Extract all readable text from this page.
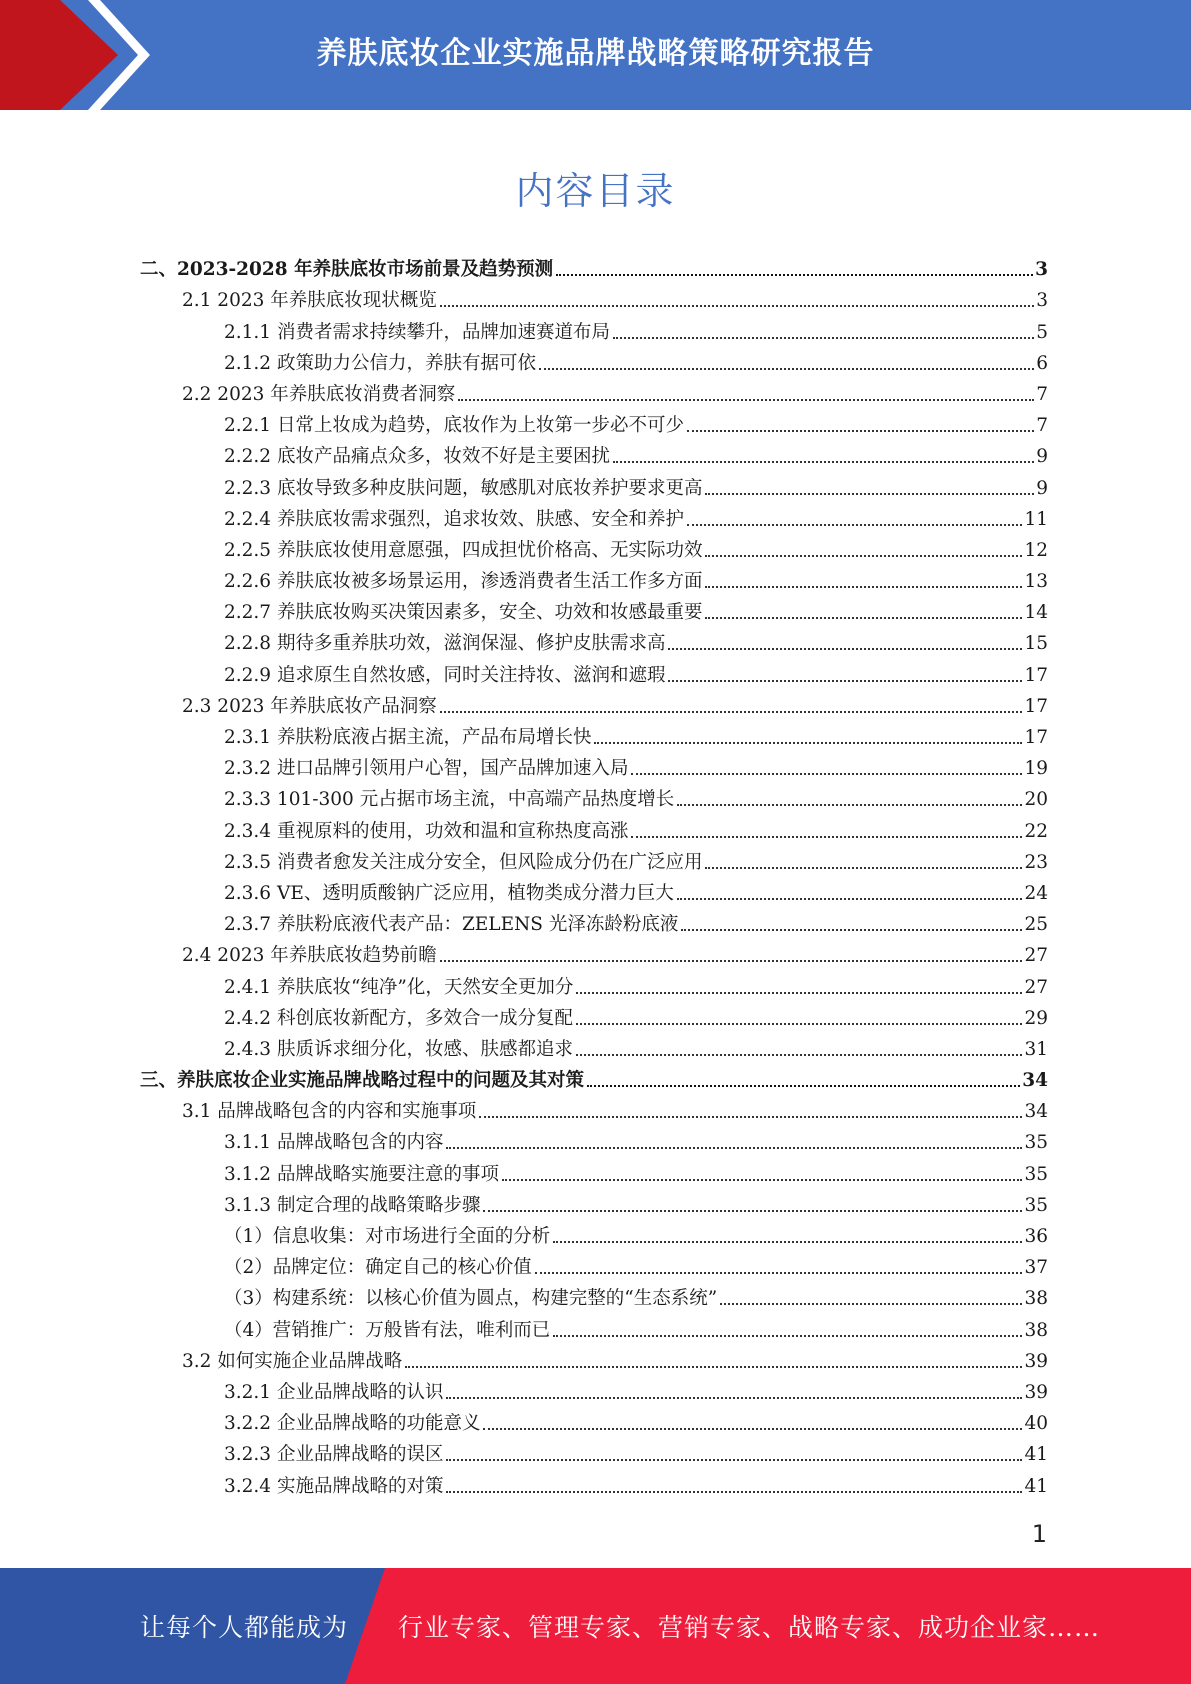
养肤底妆企业实施品牌战略策略研究报告
内容目录
二、2023-2028 年养肤底妆市场前景及趋势预测	3
2.1 2023 年养肤底妆现状概览	3
2.1.1 消费者需求持续攀升，品牌加速赛道布局	5
2.1.2 政策助力公信力，养肤有据可依	6
2.2 2023 年养肤底妆消费者洞察	7
2.2.1 日常上妆成为趋势，底妆作为上妆第一步必不可少	7
2.2.2 底妆产品痛点众多，妆效不好是主要困扰	9
2.2.3 底妆导致多种皮肤问题，敏感肌对底妆养护要求更高	9
2.2.4 养肤底妆需求强烈，追求妆效、肤感、安全和养护	11
2.2.5 养肤底妆使用意愿强，四成担忧价格高、无实际功效	12
2.2.6 养肤底妆被多场景运用，渗透消费者生活工作多方面	13
2.2.7 养肤底妆购买决策因素多，安全、功效和妆感最重要	14
2.2.8 期待多重养肤功效，滋润保湿、修护皮肤需求高	15
2.2.9 追求原生自然妆感，同时关注持妆、滋润和遮瑕	17
2.3 2023 年养肤底妆产品洞察	17
2.3.1 养肤粉底液占据主流，产品布局增长快	17
2.3.2 进口品牌引领用户心智，国产品牌加速入局	19
2.3.3 101-300 元占据市场主流，中高端产品热度增长	20
2.3.4 重视原料的使用，功效和温和宣称热度高涨	22
2.3.5 消费者愈发关注成分安全，但风险成分仍在广泛应用	23
2.3.6 VE、透明质酸钠广泛应用，植物类成分潜力巨大	24
2.3.7 养肤粉底液代表产品：ZELENS 光泽冻龄粉底液	25
2.4 2023 年养肤底妆趋势前瞻	27
2.4.1 养肤底妆“纯净”化，天然安全更加分	27
2.4.2 科创底妆新配方，多效合一成分复配	29
2.4.3 肤质诉求细分化，妆感、肤感都追求	31
三、养肤底妆企业实施品牌战略过程中的问题及其对策	34
3.1 品牌战略包含的内容和实施事项	34
3.1.1 品牌战略包含的内容	35
3.1.2 品牌战略实施要注意的事项	35
3.1.3 制定合理的战略策略步骤	35
（1）信息收集：对市场进行全面的分析	36
（2）品牌定位：确定自己的核心价值	37
（3）构建系统：以核心价值为圆点，构建完整的“生态系统”	38
（4）营销推广：万般皆有法，唯利而已	38
3.2 如何实施企业品牌战略	39
3.2.1 企业品牌战略的认识	39
3.2.2 企业品牌战略的功能意义	40
3.2.3 企业品牌战略的误区	41
3.2.4 实施品牌战略的对策	41
1
让每个人都能成为 行业专家、管理专家、营销专家、战略专家、成功企业家……
